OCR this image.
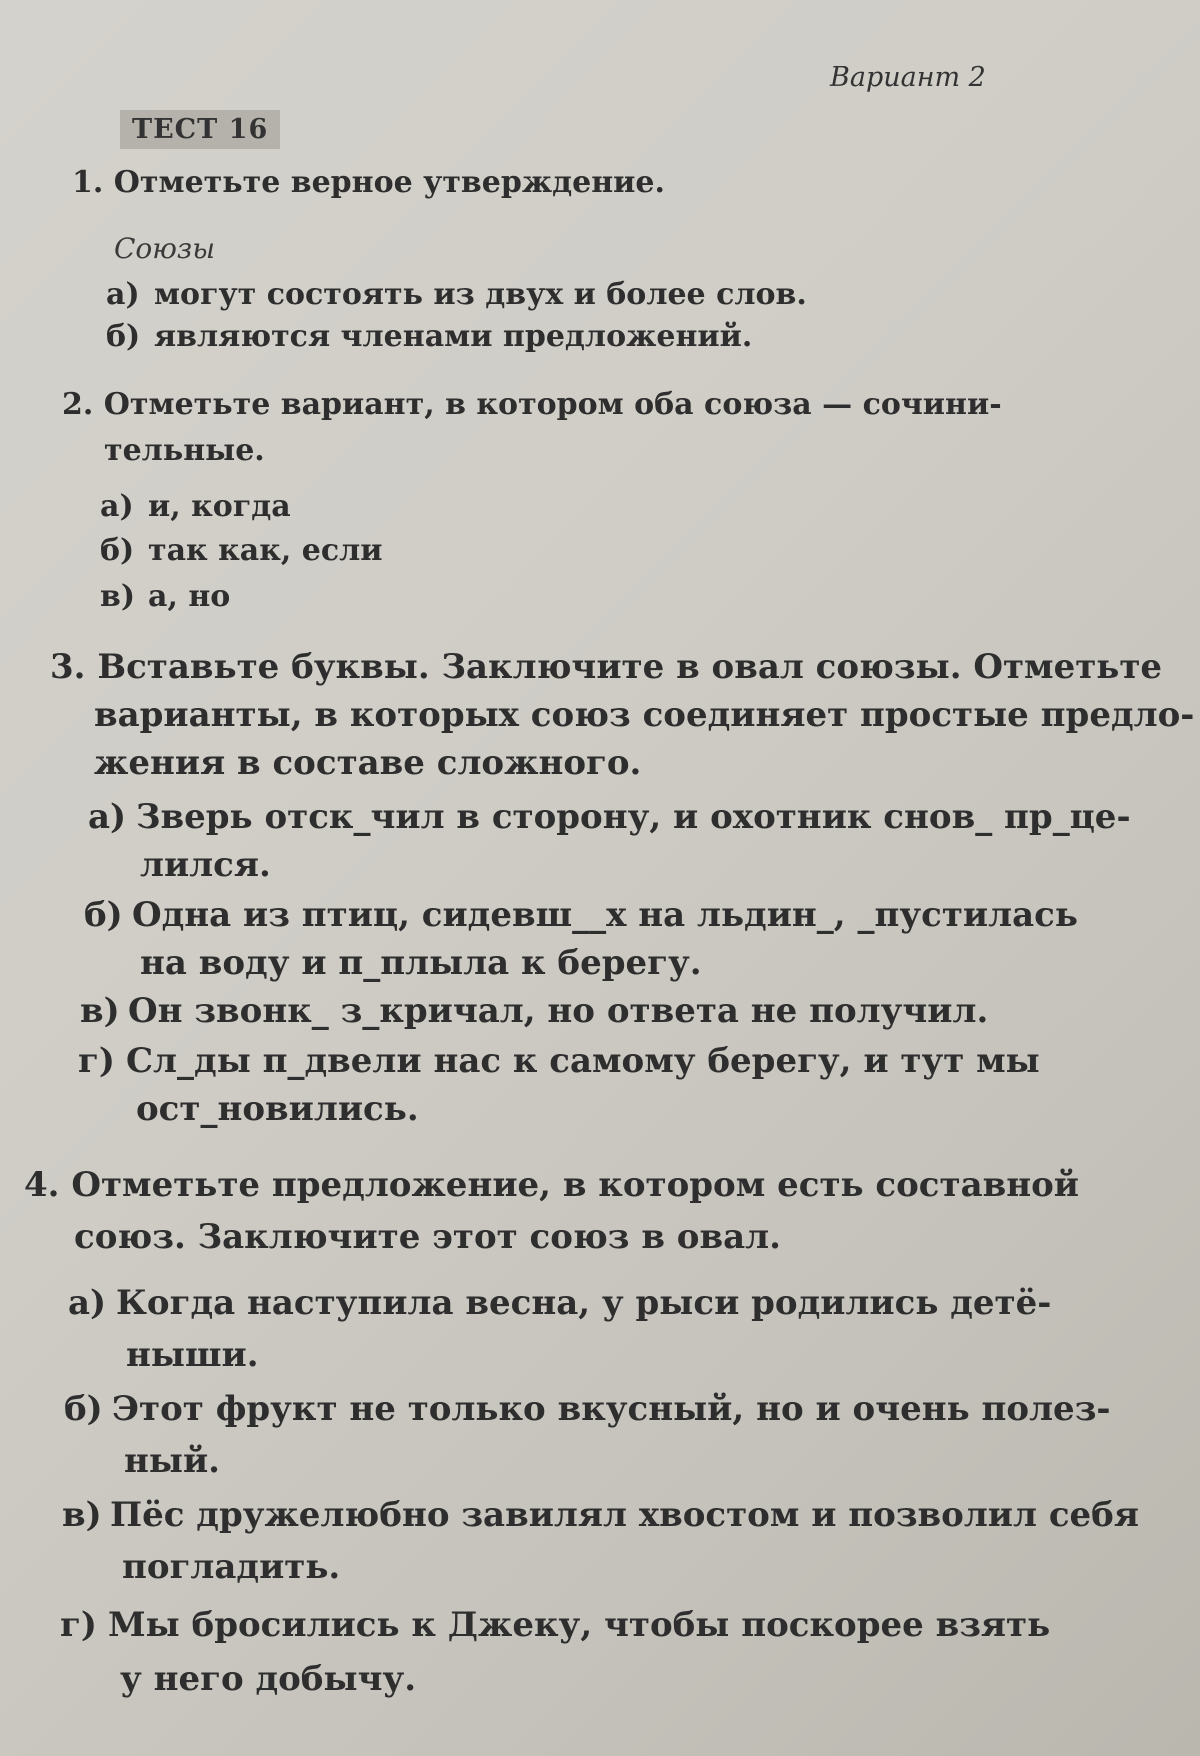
Вариант 2
ТЕСТ 16
1. Отметьте верное утверждение.
Союзы
а) могут состоять из двух и более слов.
б) являются членами предложений.
2. Отметьте вариант, в котором оба союза — сочини-
тельные.
а) и, когда
б) так как, если
в) а, но
3. Вставьте буквы. Заключите в овал союзы. Отметьте
варианты, в которых союз соединяет простые предло-
жения в составе сложного.
а) Зверь отск_чил в сторону, и охотник снов_ пр_це-
лился.
б) Одна из птиц, сидевш__х на льдин_, _пустилась
на воду и п_плыла к берегу.
в) Он звонк_ з_кричал, но ответа не получил.
г) Сл_ды п_двели нас к самому берегу, и тут мы
ост_новились.
4. Отметьте предложение, в котором есть составной
союз. Заключите этот союз в овал.
а) Когда наступила весна, у рыси родились детё-
ныши.
б) Этот фрукт не только вкусный, но и очень полез-
ный.
в) Пёс дружелюбно завилял хвостом и позволил себя
погладить.
г) Мы бросились к Джеку, чтобы поскорее взять
у него добычу.
